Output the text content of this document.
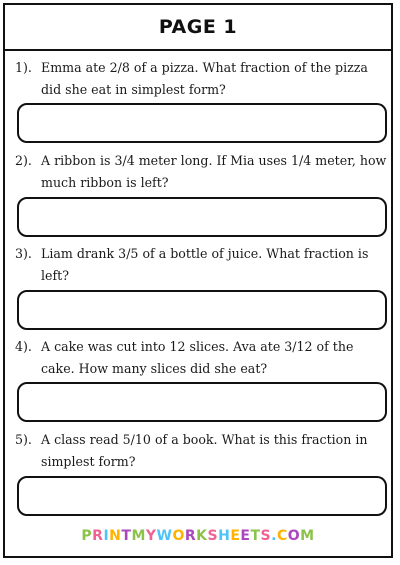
PAGE 1

1). Emma ate 2/8 of a pizza. What fraction of the pizza did she eat in simplest form?

2). A ribbon is 3/4 meter long. If Mia uses 1/4 meter, how much ribbon is left?

3). Liam drank 3/5 of a bottle of juice. What fraction is left?

4). A cake was cut into 12 slices. Ava ate 3/12 of the cake. How many slices did she eat?

5). A class read 5/10 of a book. What is this fraction in simplest form?

PRINTMYWORKSHEETS.COM
